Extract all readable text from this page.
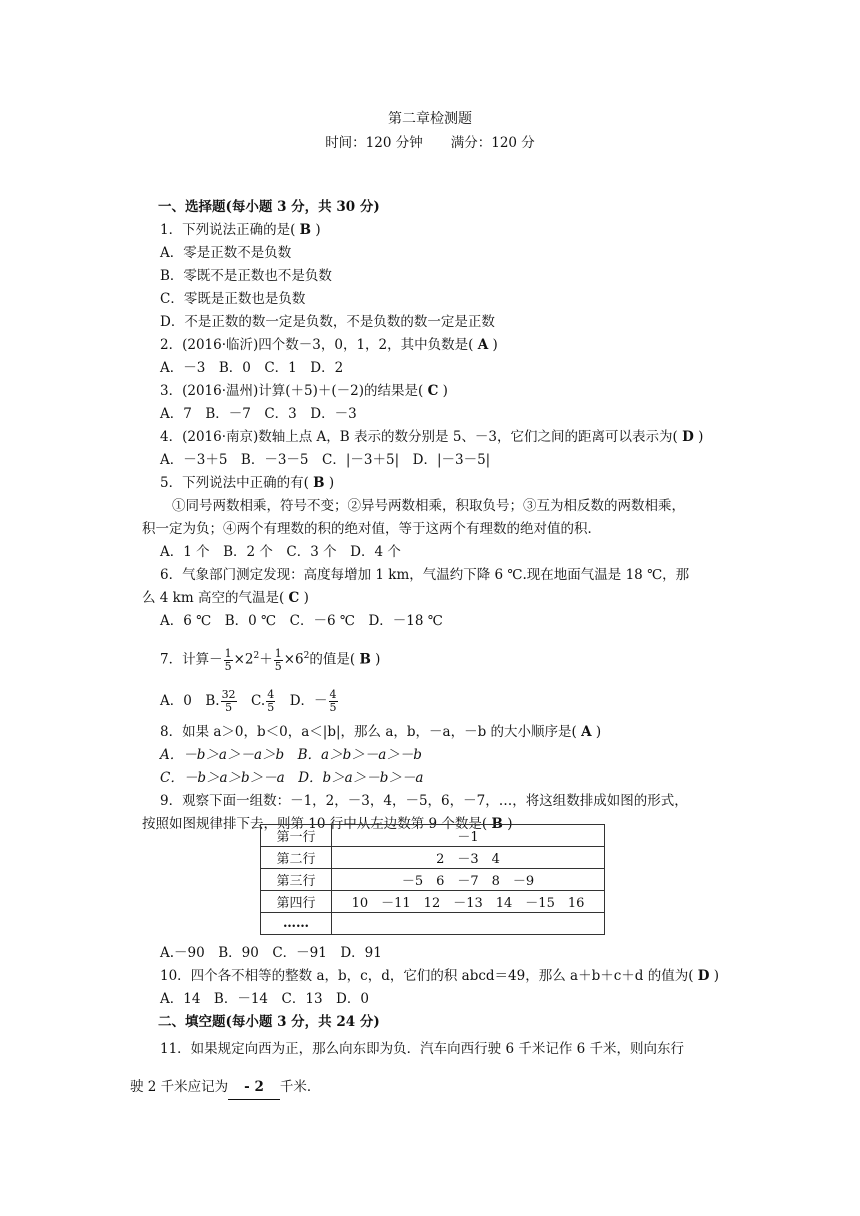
第二章检测题
时间：120 分钟 满分：120 分
一、选择题(每小题 3 分，共 30 分)
1．下列说法正确的是( B )
A．零是正数不是负数
B．零既不是正数也不是负数
C．零既是正数也是负数
D．不是正数的数一定是负数，不是负数的数一定是正数
2．(2016·临沂)四个数－3，0，1，2，其中负数是( A )
A．－3　B．0　C．1　D．2
3．(2016·温州)计算(＋5)＋(－2)的结果是( C )
A．7　B．－7　C．3　D．－3
4．(2016·南京)数轴上点 A，B 表示的数分别是 5、－3，它们之间的距离可以表示为( D )
A．－3＋5　B．－3－5　C．|－3＋5|　D．|－3－5|
5．下列说法中正确的有( B )
①同号两数相乘，符号不变；②异号两数相乘，积取负号；③互为相反数的两数相乘，
积一定为负；④两个有理数的积的绝对值，等于这两个有理数的绝对值的积．
A．1 个　B．2 个　C．3 个　D．4 个
6．气象部门测定发现：高度每增加 1 km，气温约下降 6 ℃.现在地面气温是 18 ℃，那
么 4 km 高空的气温是( C )
A．6 ℃　B．0 ℃　C．－6 ℃　D．－18 ℃
7．计算－ $\frac{1}{5} \times 2^2+ \frac{1}{5} \times 6^2$的值是( B )
A．0　B. $\frac{32}{5}$ 　C. $\frac{4}{5}$ 　D．－ $\frac{4}{5}$
8．如果 a＞0，b＜0，a＜|b|，那么 a，b，－a，－b 的大小顺序是( A )
A．－b＞a＞－a＞b　B．a＞b＞－a＞－b
C．－b＞a＞b＞－a　D．b＞a＞－b＞－a
9．观察下面一组数：－1，2，－3，4，－5，6，－7，…，将这组数排成如图的形式，
按照如图规律排下去，则第 10 行中从左边数第 9 个数是( B )
第一行	－1
第二行	2　－3　4
第三行	－5　6　－7　8　－9
第四行	10　－11　12　－13　14　－15　16
……	
A.－90　B．90　C．－91　D．91
10．四个各不相等的整数 a，b，c，d，它们的积 abcd＝49，那么 a＋b＋c＋d 的值为( D )
A．14　B．－14　C．13　D．0
二、填空题(每小题 3 分，共 24 分)
11．如果规定向西为正，那么向东即为负．汽车向西行驶 6 千米记作 6 千米，则向东行
驶 2 千米应记为 - 2 千米．
